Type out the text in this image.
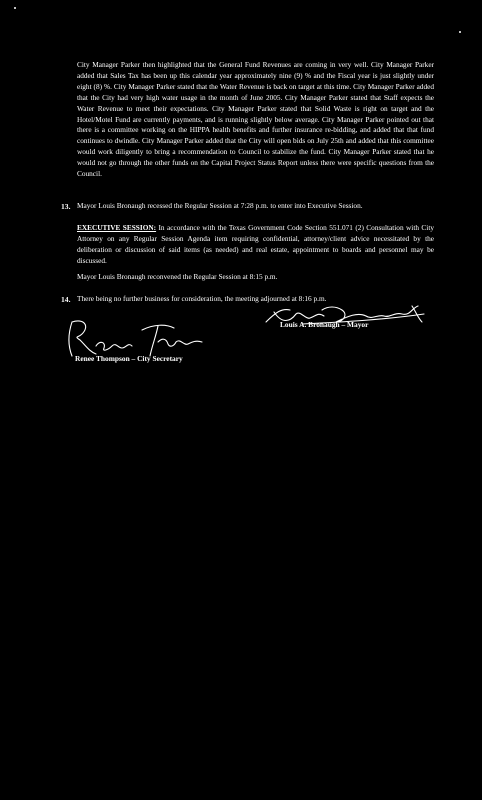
City Manager Parker then highlighted that the General Fund Revenues are coming in very well. City Manager Parker added that Sales Tax has been up this calendar year approximately nine (9) % and the Fiscal year is just slightly under eight (8) %. City Manager Parker stated that the Water Revenue is back on target at this time. City Manager Parker added that the City had very high water usage in the month of June 2005. City Manager Parker stated that Staff expects the Water Revenue to meet their expectations. City Manager Parker stated that Solid Waste is right on target and the Hotel/Motel Fund are currently payments, and is running slightly below average. City Manager Parker pointed out that there is a committee working on the HIPPA health benefits and further insurance re-bidding, and added that that fund continues to dwindle. City Manager Parker added that the City will open bids on July 25th and added that this committee would work diligently to bring a recommendation to Council to stabilize the fund. City Manager Parker stated that he would not go through the other funds on the Capital Project Status Report unless there were specific questions from the Council.

13. Mayor Louis Bronaugh recessed the Regular Session at 7:28 p.m. to enter into Executive Session.

EXECUTIVE SESSION: In accordance with the Texas Government Code Section 551.071 (2) Consultation with City Attorney on any Regular Session Agenda item requiring confidential, attorney/client advice necessitated by the deliberation or discussion of said items (as needed) and real estate, appointment to boards and personnel may be discussed.

Mayor Louis Bronaugh reconvened the Regular Session at 8:15 p.m.

14. There being no further business for consideration, the meeting adjourned at 8:16 p.m.

Louis A. Bronaugh – Mayor
Renee Thompson – City Secretary
